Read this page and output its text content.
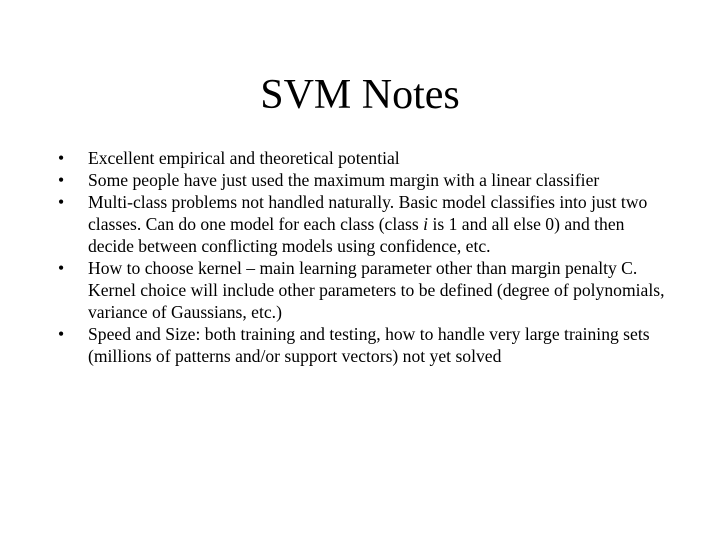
SVM Notes
• Excellent empirical and theoretical potential
• Some people have just used the maximum margin with a linear classifier
• Multi-class problems not handled naturally. Basic model classifies into just two classes. Can do one model for each class (class i is 1 and all else 0) and then decide between conflicting models using confidence, etc.
• How to choose kernel – main learning parameter other than margin penalty C. Kernel choice will include other parameters to be defined (degree of polynomials, variance of Gaussians, etc.)
• Speed and Size: both training and testing, how to handle very large training sets (millions of patterns and/or support vectors) not yet solved
